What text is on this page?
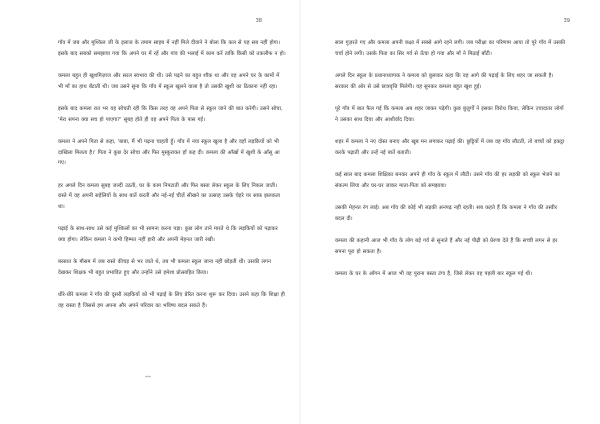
38

गाँव में जब और मुश्किल जी के इलाज के तमाम साहब में नहीं मिले दीवाने ने बोला कि कल से यह सब नहीं होगा। इसके बाद सबको समझाया गया कि अपने घर में रहें और गांव की भलाई में काम करें ताकि किसी को तकलीफ न हो।

कमला बहुत ही खुशमिज़ाज और सरल स्वभाव की थी। उसे पढ़ने का बहुत शौक था और वह अपने घर के कामों में भी माँ का हाथ बँटाती थी। जब उसने सुना कि गाँव में स्कूल खुलने वाला है तो उसकी खुशी का ठिकाना नहीं रहा।

इसके बाद कमला रात भर यह सोचती रही कि किस तरह वह अपने पिता से स्कूल जाने की बात करेगी। उसने सोचा, 'मेरा सपना क्या सच हो पाएगा?' सुबह होते ही वह अपने पिता के पास गई।

कमला ने अपने पिता से कहा, 'बाबा, मैं भी पढ़ना चाहती हूँ। गाँव में नया स्कूल खुला है और वहाँ लड़कियों को भी दाखिला मिलता है।' पिता ने कुछ देर सोचा और फिर मुस्कुराकर हाँ कह दी। कमला की आँखों में खुशी के आँसू आ गए।

हर अगले दिन कमला सुबह जल्दी उठती, घर के काम निपटाती और फिर बस्ता लेकर स्कूल के लिए निकल जाती। रास्ते में वह अपनी सहेलियों के साथ बातें करती और नई-नई चीज़ें सीखने का उत्साह उसके चेहरे पर साफ़ झलकता था।

पढ़ाई के साथ-साथ उसे कई मुश्किलों का भी सामना करना पड़ा। कुछ लोग ताने मारते थे कि लड़कियों को पढ़ाकर क्या होगा। लेकिन कमला ने कभी हिम्मत नहीं हारी और अपनी मेहनत जारी रखी।

बरसात के मौसम में जब रास्ते कीचड़ से भर जाते थे, तब भी कमला स्कूल जाना नहीं छोड़ती थी। उसकी लगन देखकर शिक्षक भी बहुत प्रभावित हुए और उन्होंने उसे हमेशा प्रोत्साहित किया।

धीरे-धीरे कमला ने गाँव की दूसरी लड़कियों को भी पढ़ाई के लिए प्रेरित करना शुरू कर दिया। उसने कहा कि शिक्षा ही वह रास्ता है जिससे हम अपना और अपने परिवार का भविष्य बदल सकते हैं।

***
39

साल गुज़रते गए और कमला अपनी कक्षा में सबसे आगे रहने लगी। जब परीक्षा का परिणाम आया तो पूरे गाँव में उसकी चर्चा होने लगी। उसके पिता का सिर गर्व से ऊँचा हो गया और माँ ने मिठाई बाँटी।

अगले दिन स्कूल के प्रधानाध्यापक ने कमला को बुलाकर कहा कि वह आगे की पढ़ाई के लिए शहर जा सकती है। सरकार की ओर से उसे छात्रवृत्ति मिलेगी। यह सुनकर कमला बहुत खुश हुई।

पूरे गाँव में बात फैल गई कि कमला अब शहर जाकर पढ़ेगी। कुछ बुज़ुर्गों ने इसका विरोध किया, लेकिन ज़्यादातर लोगों ने उसका साथ दिया और आशीर्वाद दिया।

शहर में कमला ने नए दोस्त बनाए और खूब मन लगाकर पढ़ाई की। छुट्टियों में जब वह गाँव लौटती, तो बच्चों को इकट्ठा करके पढ़ाती और उन्हें नई बातें बताती।

कई साल बाद कमला शिक्षिका बनकर अपने ही गाँव के स्कूल में लौटी। उसने गाँव की हर लड़की को स्कूल भेजने का संकल्प लिया और घर-घर जाकर माता-पिता को समझाया।

उसकी मेहनत रंग लाई। अब गाँव की कोई भी लड़की अनपढ़ नहीं रहती। सब कहते हैं कि कमला ने गाँव की तस्वीर बदल दी।

कमला की कहानी आज भी गाँव के लोग बड़े गर्व से सुनाते हैं और नई पीढ़ी को प्रेरणा देते हैं कि सच्ची लगन से हर सपना पूरा हो सकता है।

कमला के घर के आँगन में आज भी वह पुराना बस्ता टंगा है, जिसे लेकर वह पहली बार स्कूल गई थी।
